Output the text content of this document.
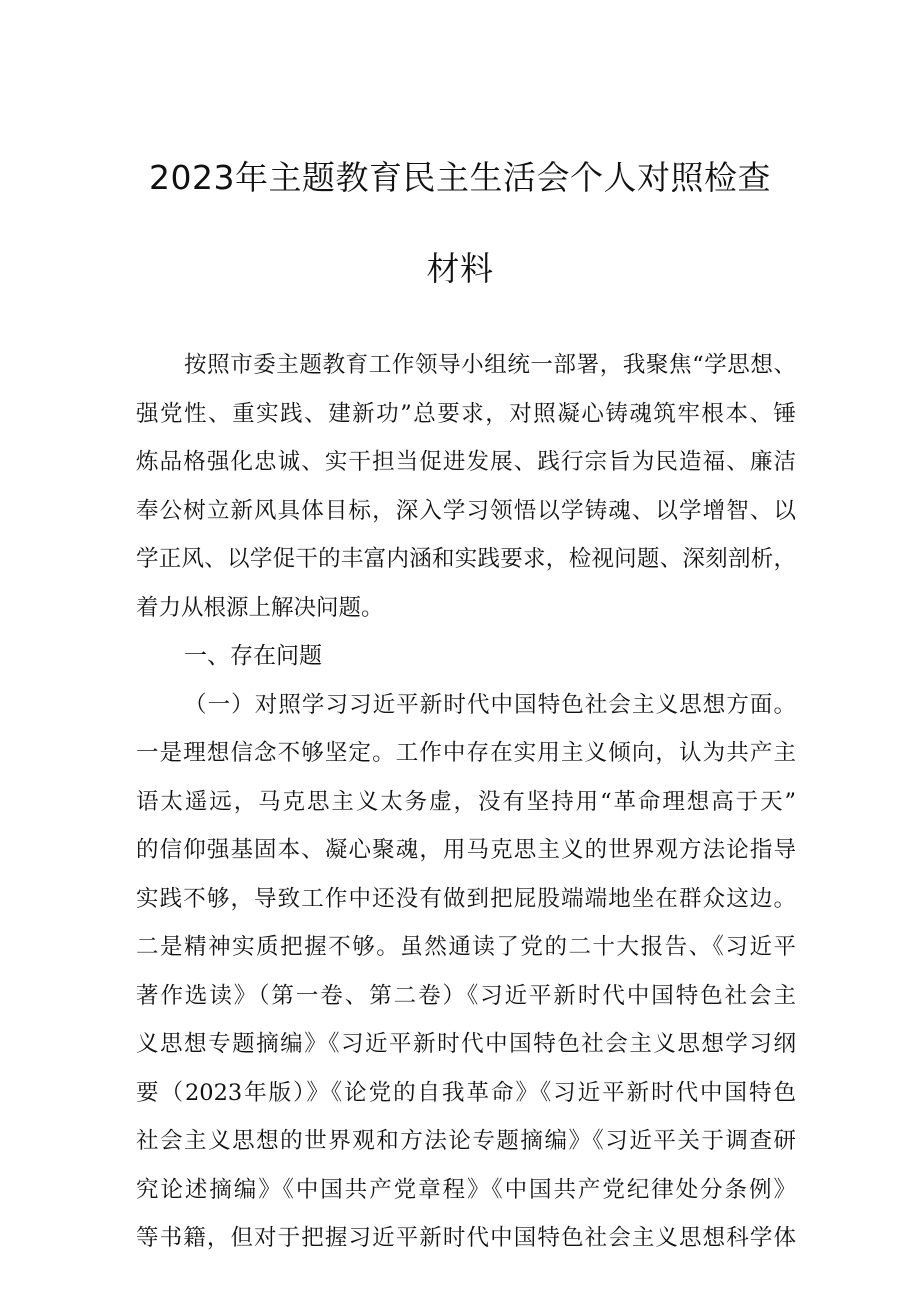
2023年主题教育民主生活会个人对照检查
材料
按照市委主题教育工作领导小组统一部署，我聚焦“学思想、
强党性、重实践、建新功”总要求，对照凝心铸魂筑牢根本、锤
炼品格强化忠诚、实干担当促进发展、践行宗旨为民造福、廉洁
奉公树立新风具体目标，深入学习领悟以学铸魂、以学增智、以
学正风、以学促干的丰富内涵和实践要求，检视问题、深刻剖析，
着力从根源上解决问题。
一、存在问题
（一）对照学习习近平新时代中国特色社会主义思想方面。
一是理想信念不够坚定。工作中存在实用主义倾向，认为共产主
语太遥远，马克思主义太务虚，没有坚持用“革命理想高于天”
的信仰强基固本、凝心聚魂，用马克思主义的世界观方法论指导
实践不够，导致工作中还没有做到把屁股端端地坐在群众这边。
二是精神实质把握不够。虽然通读了党的二十大报告、《习近平
著作选读》（第一卷、第二卷）《习近平新时代中国特色社会主
义思想专题摘编》《习近平新时代中国特色社会主义思想学习纲
要（2023年版）》《论党的自我革命》《习近平新时代中国特色
社会主义思想的世界观和方法论专题摘编》《习近平关于调查研
究论述摘编》《中国共产党章程》《中国共产党纪律处分条例》
等书籍，但对于把握习近平新时代中国特色社会主义思想科学体
